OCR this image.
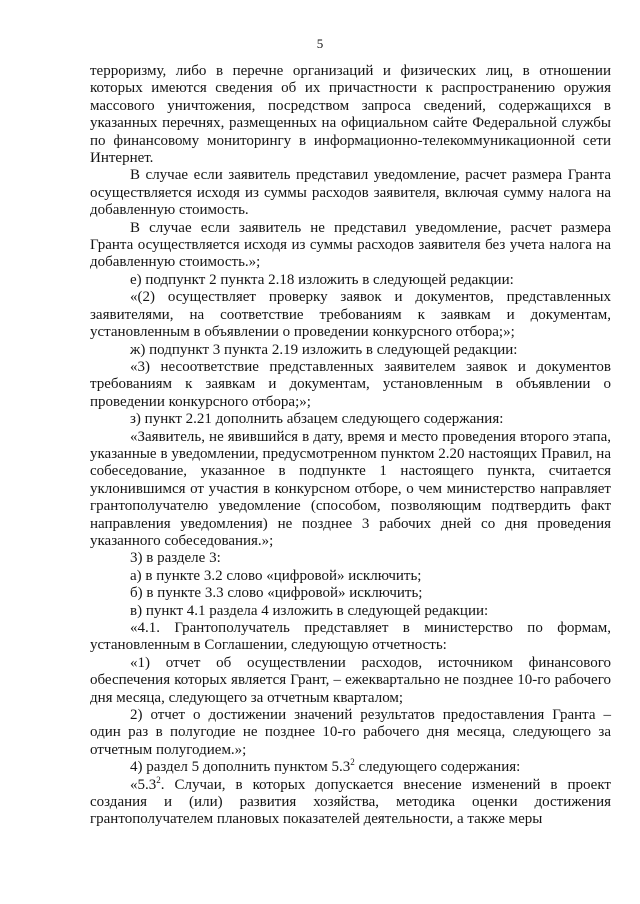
5

терроризму, либо в перечне организаций и физических лиц, в отношении которых имеются сведения об их причастности к распространению оружия массового уничтожения, посредством запроса сведений, содержащихся в указанных перечнях, размещенных на официальном сайте Федеральной службы по финансовому мониторингу в информационно-телекоммуникационной сети Интернет.

В случае если заявитель представил уведомление, расчет размера Гранта осуществляется исходя из суммы расходов заявителя, включая сумму налога на добавленную стоимость.

В случае если заявитель не представил уведомление, расчет размера Гранта осуществляется исходя из суммы расходов заявителя без учета налога на добавленную стоимость.»;

е) подпункт 2 пункта 2.18 изложить в следующей редакции:

«(2) осуществляет проверку заявок и документов, представленных заявителями, на соответствие требованиям к заявкам и документам, установленным в объявлении о проведении конкурсного отбора;»;

ж) подпункт 3 пункта 2.19 изложить в следующей редакции:

«3) несоответствие представленных заявителем заявок и документов требованиям к заявкам и документам, установленным в объявлении о проведении конкурсного отбора;»;

з) пункт 2.21 дополнить абзацем следующего содержания:

«Заявитель, не явившийся в дату, время и место проведения второго этапа, указанные в уведомлении, предусмотренном пунктом 2.20 настоящих Правил, на собеседование, указанное в подпункте 1 настоящего пункта, считается уклонившимся от участия в конкурсном отборе, о чем министерство направляет грантополучателю уведомление (способом, позволяющим подтвердить факт направления уведомления) не позднее 3 рабочих дней со дня проведения указанного собеседования.»;

3) в разделе 3:

а) в пункте 3.2 слово «цифровой» исключить;

б) в пункте 3.3 слово «цифровой» исключить;

в) пункт 4.1 раздела 4 изложить в следующей редакции:

«4.1. Грантополучатель представляет в министерство по формам, установленным в Соглашении, следующую отчетность:

«1) отчет об осуществлении расходов, источником финансового обеспечения которых является Грант, – ежеквартально не позднее 10-го рабочего дня месяца, следующего за отчетным кварталом;

2) отчет о достижении значений результатов предоставления Гранта – один раз в полугодие не позднее 10-го рабочего дня месяца, следующего за отчетным полугодием.»;

4) раздел 5 дополнить пунктом $5.3^2$ следующего содержания:

«$5.3^2$. Случаи, в которых допускается внесение изменений в проект создания и (или) развития хозяйства, методика оценки достижения грантополучателем плановых показателей деятельности, а также меры
